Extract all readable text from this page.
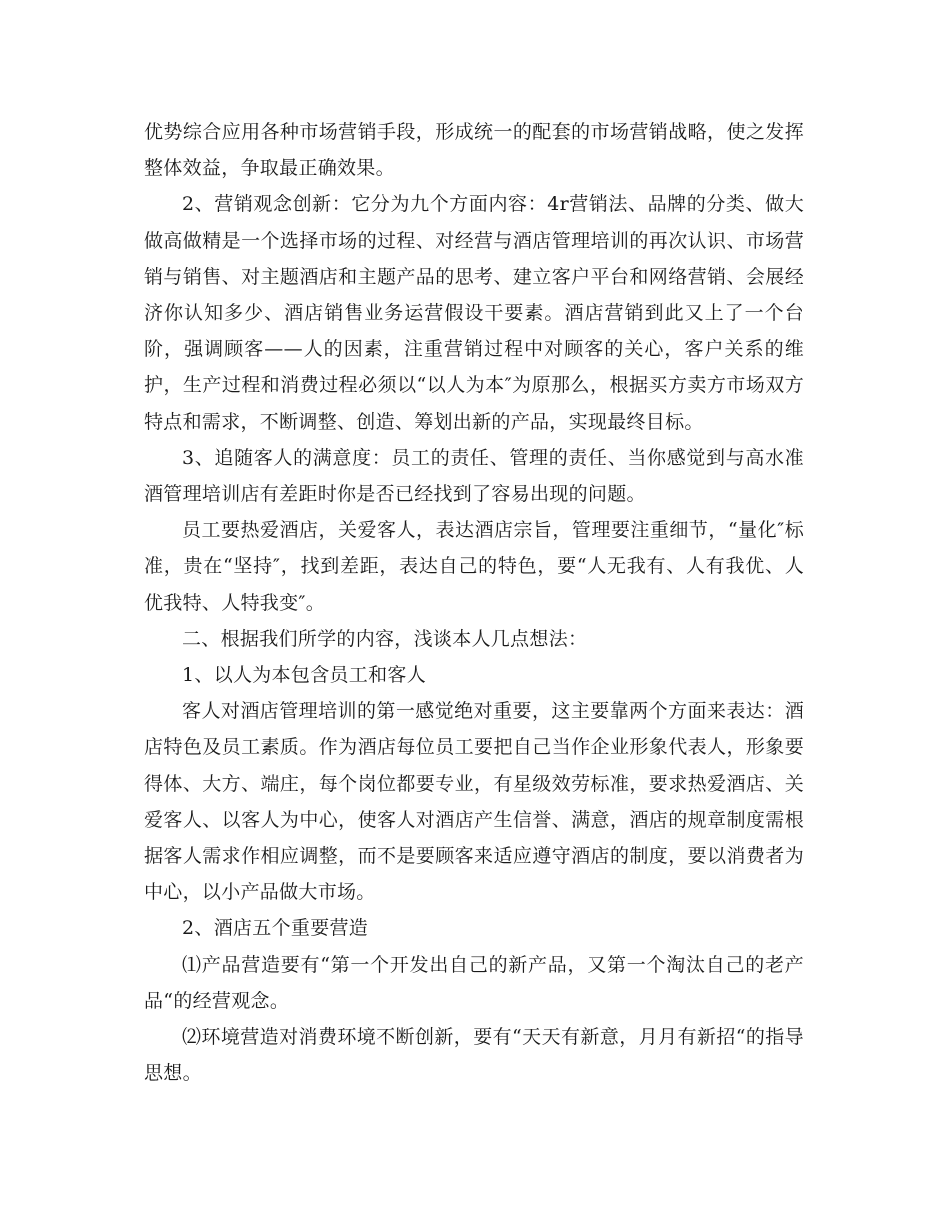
优势综合应用各种市场营销手段，形成统一的配套的市场营销战略，使之发挥整体效益，争取最正确效果。

2、营销观念创新：它分为九个方面内容：4r营销法、品牌的分类、做大做高做精是一个选择市场的过程、对经营与酒店管理培训的再次认识、市场营销与销售、对主题酒店和主题产品的思考、建立客户平台和网络营销、会展经济你认知多少、酒店销售业务运营假设干要素。酒店营销到此又上了一个台阶，强调顾客——人的因素，注重营销过程中对顾客的关心，客户关系的维护，生产过程和消费过程必须以“以人为本″为原那么，根据买方卖方市场双方特点和需求，不断调整、创造、筹划出新的产品，实现最终目标。

3、追随客人的满意度：员工的责任、管理的责任、当你感觉到与高水准酒管理培训店有差距时你是否已经找到了容易出现的问题。

员工要热爱酒店，关爱客人，表达酒店宗旨，管理要注重细节，“量化″标准，贵在“坚持″，找到差距，表达自己的特色，要“人无我有、人有我优、人优我特、人特我变″。

二、根据我们所学的内容，浅谈本人几点想法：

1、以人为本包含员工和客人

客人对酒店管理培训的第一感觉绝对重要，这主要靠两个方面来表达：酒店特色及员工素质。作为酒店每位员工要把自己当作企业形象代表人，形象要得体、大方、端庄，每个岗位都要专业，有星级效劳标准，要求热爱酒店、关爱客人、以客人为中心，使客人对酒店产生信誉、满意，酒店的规章制度需根据客人需求作相应调整，而不是要顾客来适应遵守酒店的制度，要以消费者为中心，以小产品做大市场。

2、酒店五个重要营造

⑴产品营造要有“第一个开发出自己的新产品，又第一个淘汰自己的老产品“的经营观念。

⑵环境营造对消费环境不断创新，要有“天天有新意，月月有新招“的指导思想。
